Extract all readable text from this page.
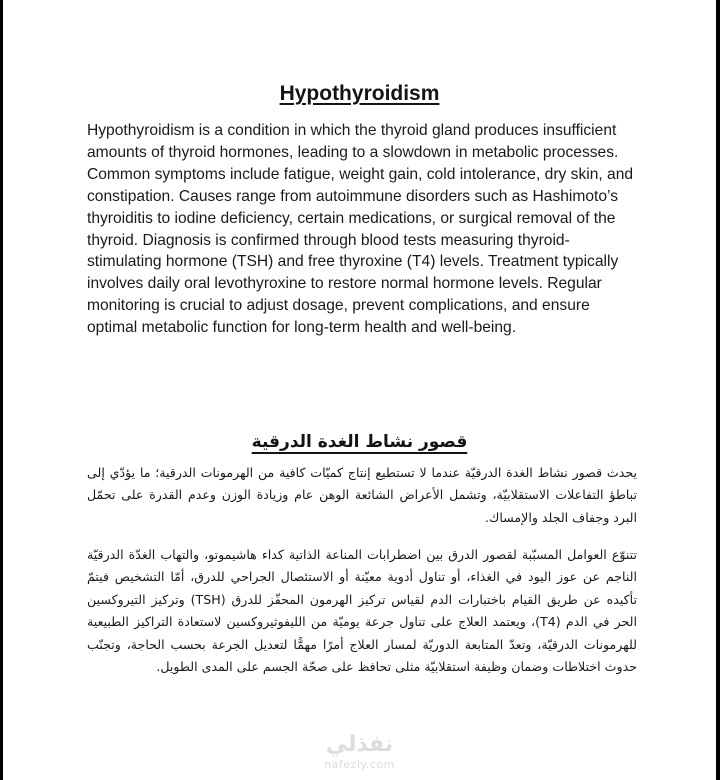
Hypothyroidism

Hypothyroidism is a condition in which the thyroid gland produces insufficient amounts of thyroid hormones, leading to a slowdown in metabolic processes. Common symptoms include fatigue, weight gain, cold intolerance, dry skin, and constipation. Causes range from autoimmune disorders such as Hashimoto’s thyroiditis to iodine deficiency, certain medications, or surgical removal of the thyroid. Diagnosis is confirmed through blood tests measuring thyroid-stimulating hormone (TSH) and free thyroxine (T4) levels. Treatment typically involves daily oral levothyroxine to restore normal hormone levels. Regular monitoring is crucial to adjust dosage, prevent complications, and ensure optimal metabolic function for long-term health and well-being.

قصور نشاط الغدة الدرقية

يحدث قصور نشاط الغدة الدرقيّة عندما لا تستطيع إنتاج كميّات كافية من الهرمونات الدرقية؛ ما يؤدّي إلى تباطؤ التفاعلات الاستقلابيّة، وتشمل الأعراض الشائعة الوهن عام وزيادة الوزن وعدم القدرة على تحمّل البرد وجفاف الجلد والإمساك.

تتنوّع العوامل المسبّبة لقصور الدرق بين اضطرابات المناعة الذاتية كداء هاشيموتو، والتهاب الغدّة الدرقيّة الناجم عن عوز اليود في الغذاء، أو تناول أدوية معيّنة أو الاستئصال الجراحي للدرق، أمّا التشخيص فيتمّ تأكيده عن طريق القيام باختبارات الدم لقياس تركيز الهرمون المحفّز للدرق (TSH) وتركيز التيروكسين الحر في الدم (T4)، ويعتمد العلاج على تناول جرعة يوميّة من الليفوثيروكسين لاستعادة التراكيز الطبيعية للهرمونات الدرقيّة، وتعدّ المتابعة الدوريّة لمسار العلاج أمرًا مهمًّا لتعديل الجرعة بحسب الحاجة، وتجنّب حدوث اختلاطات وضمان وظيفة استقلابيّة مثلى تحافظ على صحّة الجسم على المدى الطويل.

نفذلي
nafezly.com
